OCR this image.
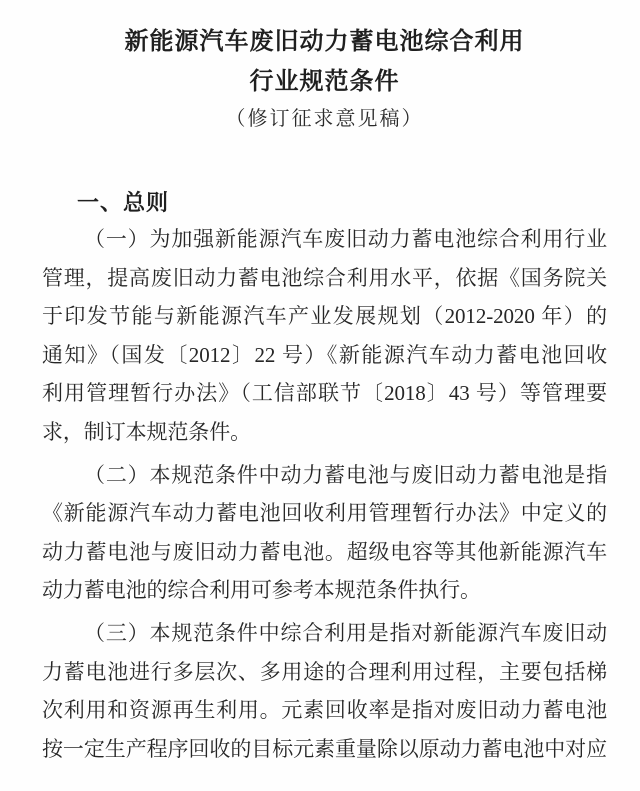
新能源汽车废旧动力蓄电池综合利用
行业规范条件
（修订征求意见稿）
一、总则
（一）为加强新能源汽车废旧动力蓄电池综合利用行业
管理，提高废旧动力蓄电池综合利用水平，依据《国务院关
于印发节能与新能源汽车产业发展规划（2012-2020 年）的
通知》（国发〔2012〕22 号）《新能源汽车动力蓄电池回收
利用管理暂行办法》（工信部联节〔2018〕43 号）等管理要
求，制订本规范条件。
（二）本规范条件中动力蓄电池与废旧动力蓄电池是指
《新能源汽车动力蓄电池回收利用管理暂行办法》中定义的
动力蓄电池与废旧动力蓄电池。超级电容等其他新能源汽车
动力蓄电池的综合利用可参考本规范条件执行。
（三）本规范条件中综合利用是指对新能源汽车废旧动
力蓄电池进行多层次、多用途的合理利用过程，主要包括梯
次利用和资源再生利用。元素回收率是指对废旧动力蓄电池
按一定生产程序回收的目标元素重量除以原动力蓄电池中对应
